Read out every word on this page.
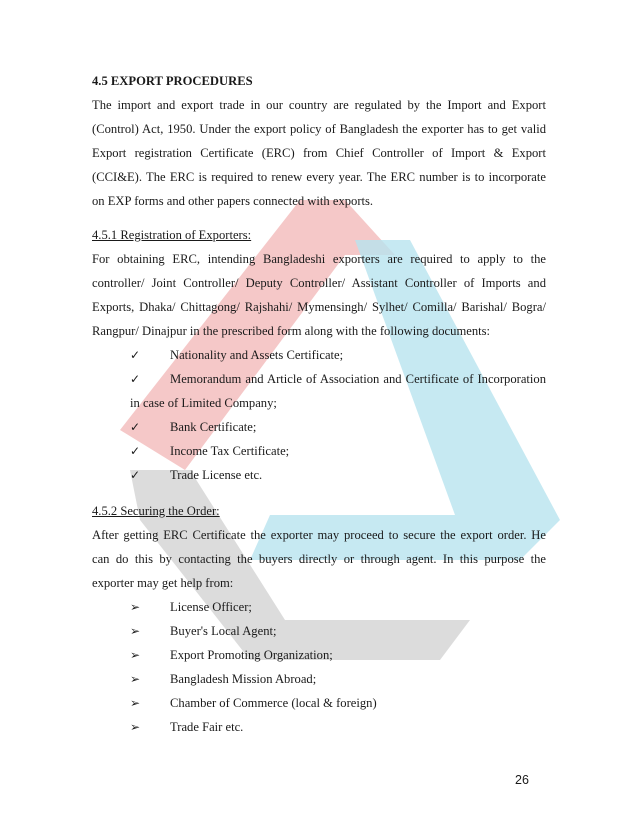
4.5 EXPORT PROCEDURES
The import and export trade in our country are regulated by the Import and Export
(Control) Act, 1950. Under the export policy of Bangladesh the exporter has to get valid
Export registration Certificate (ERC) from Chief Controller of Import & Export
(CCI&E). The ERC is required to renew every year. The ERC number is to incorporate
on EXP forms and other papers connected with exports.
4.5.1 Registration of Exporters:
For obtaining ERC, intending Bangladeshi exporters are required to apply to the
controller/ Joint Controller/ Deputy Controller/ Assistant Controller of Imports and
Exports, Dhaka/ Chittagong/ Rajshahi/ Mymensingh/ Sylhet/ Comilla/ Barishal/ Bogra/
Rangpur/ Dinajpur in the prescribed form along with the following documents:
✓	Nationality and Assets Certificate;
✓	Memorandum and Article of Association and Certificate of Incorporation
in case of Limited Company;
✓	Bank Certificate;
✓	Income Tax Certificate;
✓	Trade License etc.
4.5.2 Securing the Order:
After getting ERC Certificate the exporter may proceed to secure the export order. He
can do this by contacting the buyers directly or through agent. In this purpose the
exporter may get help from:
➢	License Officer;
➢	Buyer's Local Agent;
➢	Export Promoting Organization;
➢	Bangladesh Mission Abroad;
➢	Chamber of Commerce (local & foreign)
➢	Trade Fair etc.
26
